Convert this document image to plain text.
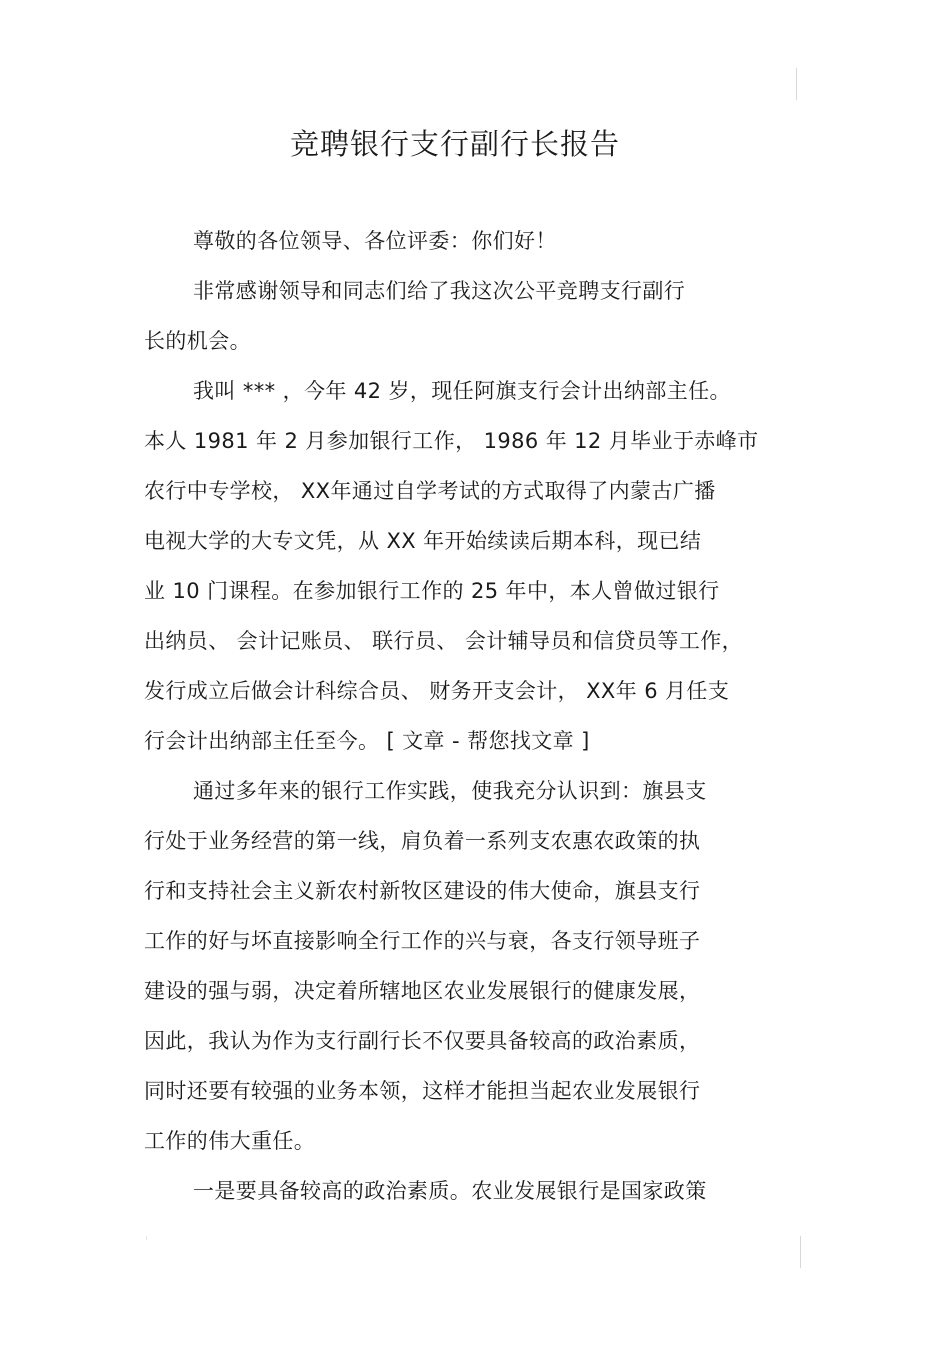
竞聘银行支行副行长报告
尊敬的各位领导、各位评委：你们好！
非常感谢领导和同志们给了我这次公平竞聘支行副行
长的机会。
我叫 *** ，今年 42 岁，现任阿旗支行会计出纳部主任。
本人 1981 年 2 月参加银行工作， 1986 年 12 月毕业于赤峰市
农行中专学校， XX年通过自学考试的方式取得了内蒙古广播
电视大学的大专文凭，从 XX 年开始续读后期本科，现已结
业 10 门课程。在参加银行工作的 25 年中，本人曾做过银行
出纳员、 会计记账员、 联行员、 会计辅导员和信贷员等工作，
发行成立后做会计科综合员、 财务开支会计， XX年 6 月任支
行会计出纳部主任至今。 [ 文章 - 帮您找文章 ]
通过多年来的银行工作实践，使我充分认识到：旗县支
行处于业务经营的第一线，肩负着一系列支农惠农政策的执
行和支持社会主义新农村新牧区建设的伟大使命，旗县支行
工作的好与坏直接影响全行工作的兴与衰，各支行领导班子
建设的强与弱，决定着所辖地区农业发展银行的健康发展，
因此，我认为作为支行副行长不仅要具备较高的政治素质，
同时还要有较强的业务本领，这样才能担当起农业发展银行
工作的伟大重任。
一是要具备较高的政治素质。农业发展银行是国家政策
